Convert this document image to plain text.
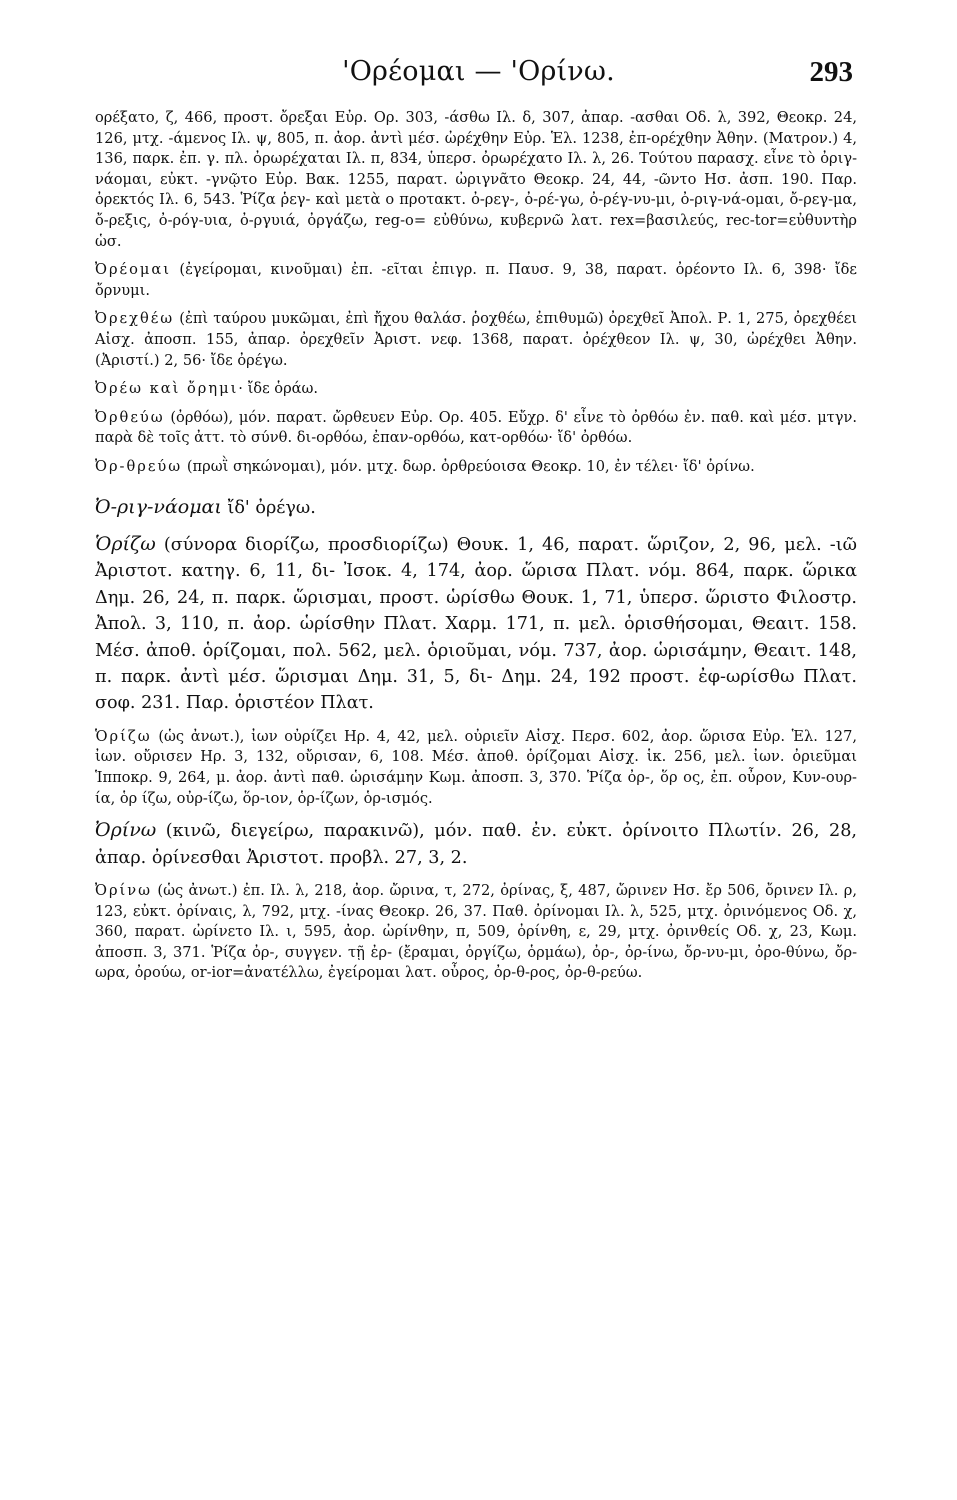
'Ορέομαι — 'Ορίνω.	293

ορέξατο, ζ, 466, προστ. ὄρεξαι Εὐρ. Ορ. 303, -άσθω Ιλ. δ, 307, ἀπαρ. -ασθαι Οδ. λ, 392, Θεοκρ. 24, 126, μτχ. -άμενος Ιλ. ψ, 805, π. ἀορ. ἀντὶ μέσ. ὠρέχθην Εὐρ. Ἑλ. 1238, ἐπ-ορέχθην Ἀθην. (Ματρον.) 4, 136, παρκ. ἐπ. γ. πλ. ὀρωρέχαται Ιλ. π, 834, ὑπερσ. ὀρωρέχατο Ιλ. λ, 26. Τούτου παρασχ. εἶνε τὸ ὀριγ-νάομαι, εὐκτ. -γνῷτο Εὐρ. Βακ. 1255, παρατ. ὠριγνᾶτο Θεοκρ. 24, 44, -ῶντο Ησ. ἀσπ. 190. Παρ. ὀρεκτός Ιλ. 6, 543. Ῥίζα ῥεγ- καὶ μετὰ ο προτακτ. ὀ-ρεγ-, ὀ-ρέ-γω, ὀ-ρέγ-νυ-μι, ὀ-ριγ-νά-ομαι, ὄ-ρεγ-μα, ὄ-ρεξις, ὀ-ρόγ-υια, ὀ-ργυιά, ὀργάζω, reg-o= εὐθύνω, κυβερνῶ λατ. rex=βασιλεύς, rec-tor=εὐθυντὴρ ὡσ.

Ὀρέομαι (ἐγείρομαι, κινοῦμαι) ἐπ. -εῖται ἐπιγρ. π. Παυσ. 9, 38, παρατ. ὀρέοντο Ιλ. 6, 398· ἴδε ὄρνυμι.

Ὀρεχθέω (ἐπὶ ταύρου μυκῶμαι, ἐπὶ ἤχου θαλάσ. ῥοχθέω, ἐπιθυμῶ) ὀρεχθεῖ Ἀπολ. Ρ. 1, 275, ὀρεχθέει Αἰσχ. ἀποσπ. 155, ἀπαρ. ὀρεχθεῖν Ἀριστ. νεφ. 1368, παρατ. ὀρέχθεον Ιλ. ψ, 30, ὠρέχθει Ἀθην. (Ἀριστί.) 2, 56· ἴδε ὀρέγω.

Ὀρέω καὶ ὄρημι· ἴδε ὁράω.

Ὀρθεύω (ὀρθόω), μόν. παρατ. ὤρθευεν Εὐρ. Ορ. 405. Εὔχρ. δ' εἶνε τὸ ὀρθόω ἐν. παθ. καὶ μέσ. μτγν. παρὰ δὲ τοῖς ἀττ. τὸ σύνθ. δι-ορθόω, ἐπαν-ορθόω, κατ-ορθόω· ἴδ' ὀρθόω.

Ὀρ-θρεύω (πρωῒ σηκώνομαι), μόν. μτχ. δωρ. ὀρθρεύοισα Θεοκρ. 10, ἐν τέλει· ἴδ' ὀρίνω.

Ὀ-ριγ-νάομαι ἴδ' ὀρέγω.

Ὁρίζω (σύνορα διορίζω, προσδιορίζω) Θουκ. 1, 46, παρατ. ὥριζον, 2, 96, μελ. -ιῶ Ἀριστοτ. κατηγ. 6, 11, δι- Ἰσοκ. 4, 174, ἀορ. ὥρισα Πλατ. νόμ. 864, παρκ. ὥρικα Δημ. 26, 24, π. παρκ. ὥρισμαι, προστ. ὡρίσθω Θουκ. 1, 71, ὑπερσ. ὥριστο Φιλοστρ. Ἀπολ. 3, 110, π. ἀορ. ὡρίσθην Πλατ. Χαρμ. 171, π. μελ. ὁρισθήσομαι, Θεαιτ. 158. Μέσ. ἀποθ. ὁρίζομαι, πολ. 562, μελ. ὁριοῦμαι, νόμ. 737, ἀορ. ὡρισάμην, Θεαιτ. 148, π. παρκ. ἀντὶ μέσ. ὥρισμαι Δημ. 31, 5, δι- Δημ. 24, 192 προστ. ἐφ-ωρίσθω Πλατ. σοφ. 231. Παρ. ὁριστέον Πλατ.

Ὁρίζω (ὡς ἀνωτ.), ἰων οὐρίζει Ηρ. 4, 42, μελ. οὐριεῖν Αἰσχ. Περσ. 602, ἀορ. ὥρισα Εὐρ. Ἑλ. 127, ἰων. οὔρισεν Ηρ. 3, 132, οὔρισαν, 6, 108. Μέσ. ἀποθ. ὁρίζομαι Αἰσχ. ἱκ. 256, μελ. ἰων. ὀριεῦμαι Ἱπποκρ. 9, 264, μ. ἀορ. ἀντὶ παθ. ὡρισάμην Κωμ. ἀποσπ. 3, 370. Ῥίζα ὀρ-, ὅρ ος, ἐπ. οὖρον, Κυν-ουρ-ία, ὁρ ίζω, οὐρ-ίζω, ὅρ-ιον, ὁρ-ίζων, ὁρ-ισμός.

Ὀρίνω (κινῶ, διεγείρω, παρακινῶ), μόν. παθ. ἐν. εὐκτ. ὀρίνοιτο Πλωτίν. 26, 28, ἀπαρ. ὀρίνεσθαι Ἀριστοτ. προβλ. 27, 3, 2.

Ὀρίνω (ὡς ἀνωτ.) ἐπ. Ιλ. λ, 218, ἀορ. ὤρινα, τ, 272, ὀρίνας, ξ, 487, ὤρινεν Ησ. ἔρ 506, ὄρινεν Ιλ. ρ, 123, εὐκτ. ὀρίναις, λ, 792, μτχ. -ίνας Θεοκρ. 26, 37. Παθ. ὀρίνομαι Ιλ. λ, 525, μτχ. ὀρινόμενος Οδ. χ, 360, παρατ. ὠρίνετο Ιλ. ι, 595, ἀορ. ὠρίνθην, π, 509, ὀρίνθη, ε, 29, μτχ. ὀρινθείς Οδ. χ, 23, Κωμ. ἀποσπ. 3, 371. Ῥίζα ὀρ-, συγγεν. τῇ ἐρ- (ἔραμαι, ὀργίζω, ὁρμάω), ὀρ-, ὀρ-ίνω, ὄρ-νυ-μι, ὀρο-θύνω, ὄρ-ωρα, ὀρούω, or-ior=ἀνατέλλω, ἐγείρομαι λατ. οὖρος, ὀρ-θ-ρος, ὀρ-θ-ρεύω.
